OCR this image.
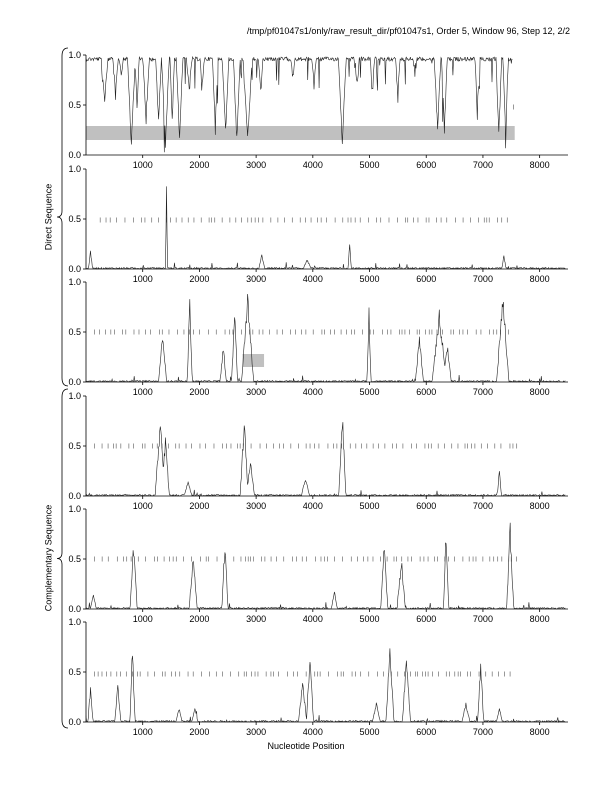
0.0
0.5
1.0
1000	2000	3000	4000	5000	6000	7000	8000
0.0
0.5
1.0
1000	2000	3000	4000	5000	6000	7000	8000
0.0
0.5
1.0
1000	2000	3000	4000	5000	6000	7000	8000
0.0
0.5
1.0
1000	2000	3000	4000	5000	6000	7000	8000
0.0
0.5
1.0
1000	2000	3000	4000	5000	6000	7000	8000
0.0
0.5
1.0
1000	2000	3000	4000	5000	6000	7000	8000
/tmp/pf01047s1/only/raw_result_dir/pf01047s1, Order 5, Window 96, Step 12, 2/2
Nucleotide Position
Direct Sequence
Complementary Sequence
